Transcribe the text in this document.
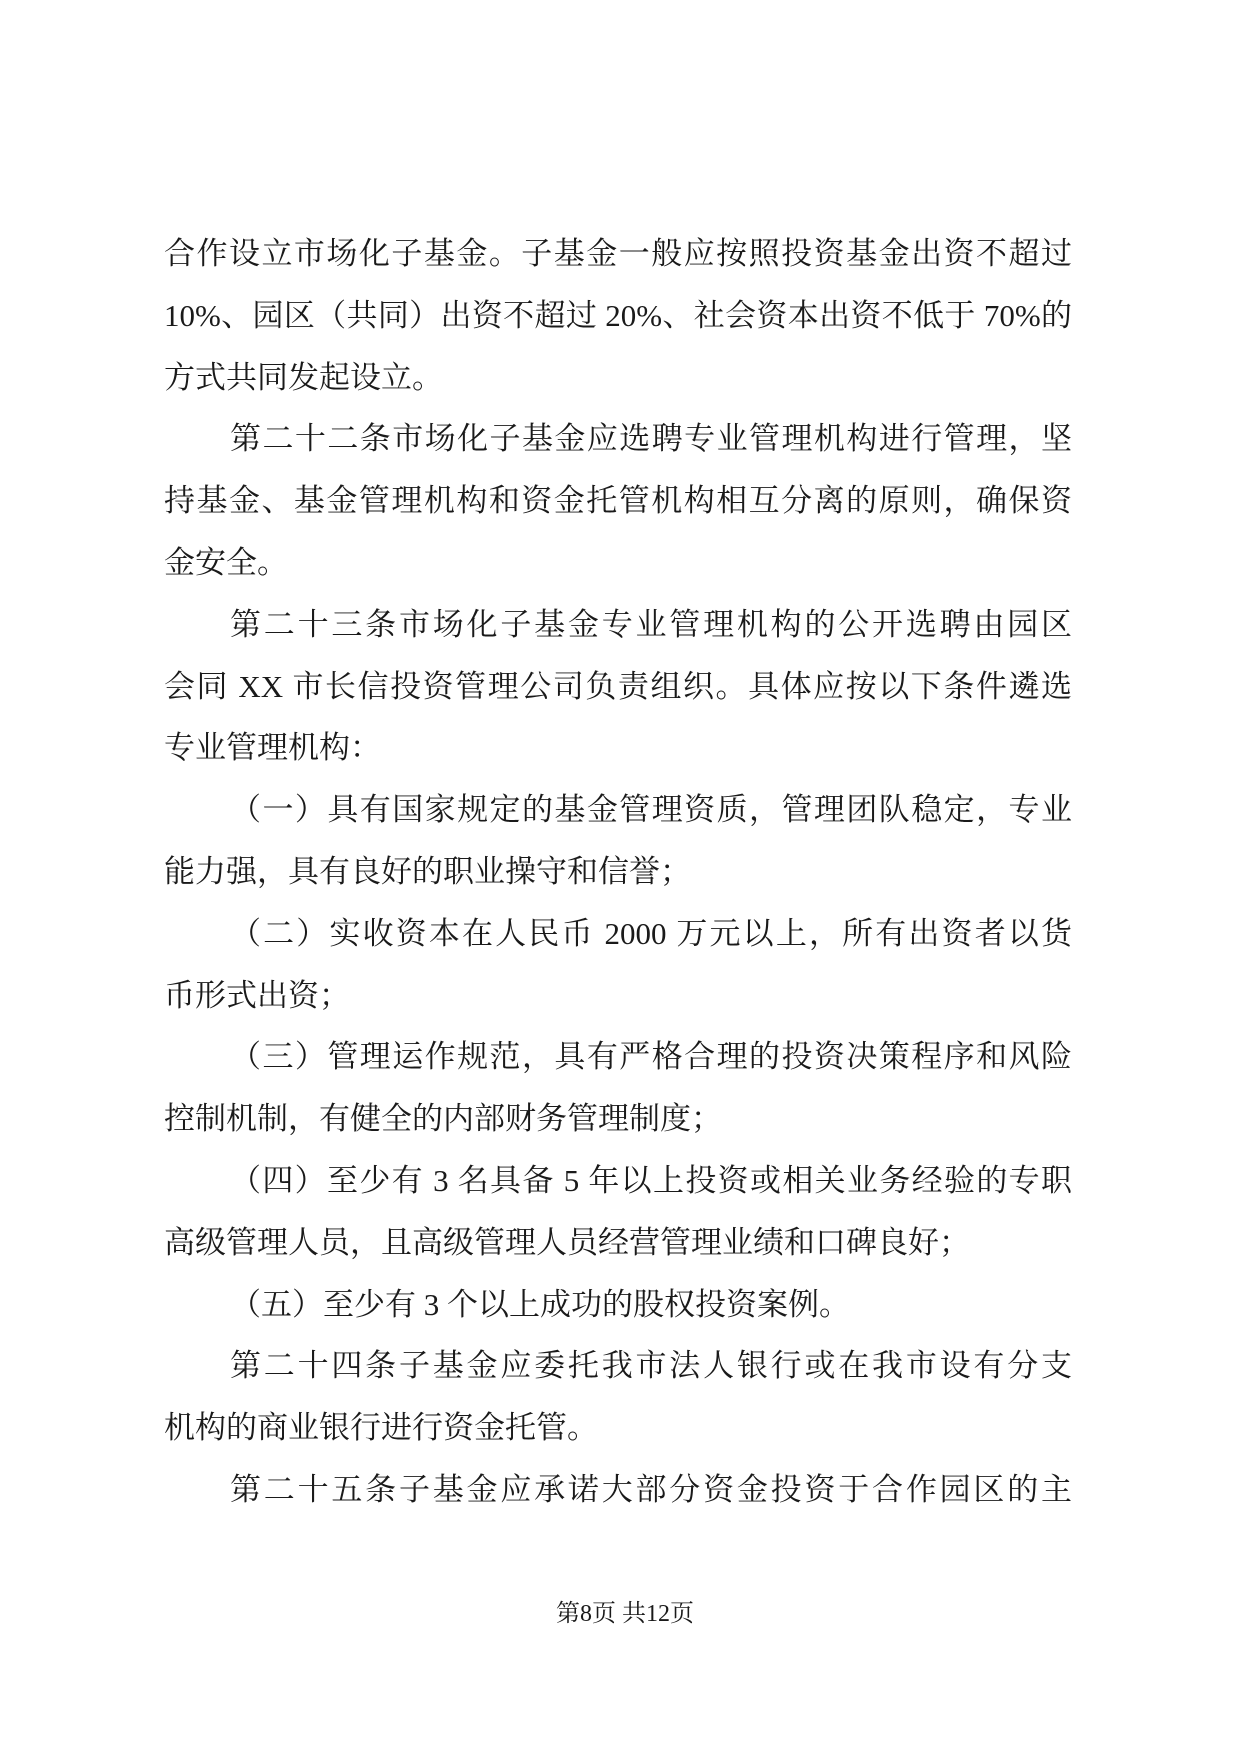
合作设立市场化子基金。子基金一般应按照投资基金出资不超过
10%、园区（共同）出资不超过 20%、社会资本出资不低于 70%的
方式共同发起设立。
第二十二条市场化子基金应选聘专业管理机构进行管理，坚
持基金、基金管理机构和资金托管机构相互分离的原则，确保资
金安全。
第二十三条市场化子基金专业管理机构的公开选聘由园区
会同 XX 市长信投资管理公司负责组织。具体应按以下条件遴选
专业管理机构：
（一）具有国家规定的基金管理资质，管理团队稳定，专业
能力强，具有良好的职业操守和信誉；
（二）实收资本在人民币 2000 万元以上，所有出资者以货
币形式出资；
（三）管理运作规范，具有严格合理的投资决策程序和风险
控制机制，有健全的内部财务管理制度；
（四）至少有 3 名具备 5 年以上投资或相关业务经验的专职
高级管理人员，且高级管理人员经营管理业绩和口碑良好；
（五）至少有 3 个以上成功的股权投资案例。
第二十四条子基金应委托我市法人银行或在我市设有分支
机构的商业银行进行资金托管。
第二十五条子基金应承诺大部分资金投资于合作园区的主
第8页 共12页
